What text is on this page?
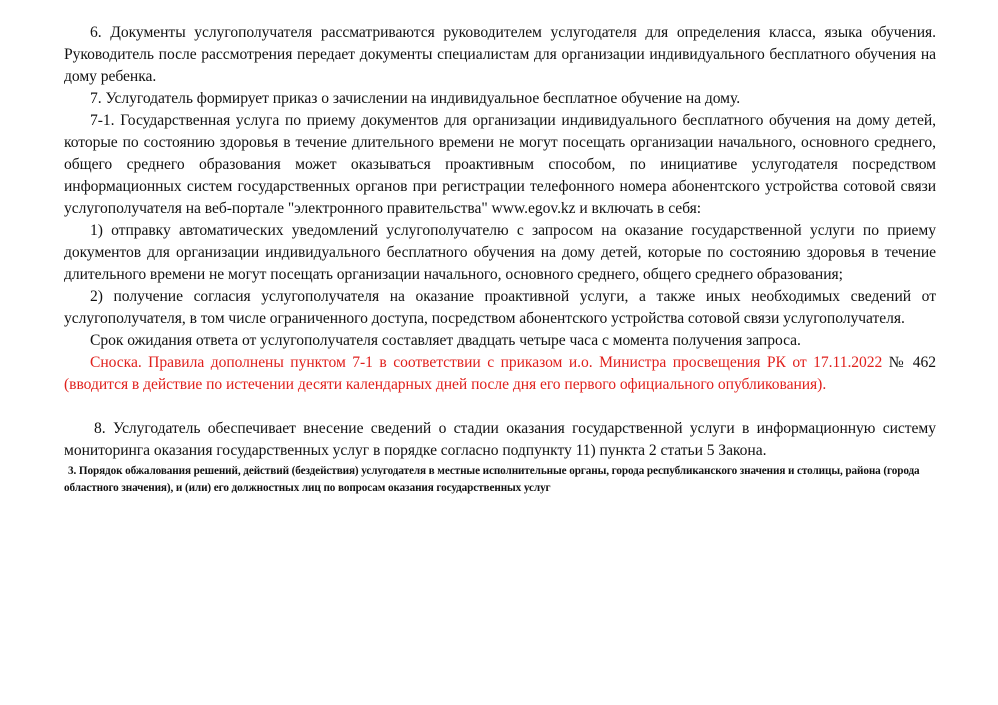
6. Документы услугополучателя рассматриваются руководителем услугодателя для определения класса, языка обучения. Руководитель после рассмотрения передает документы специалистам для организации индивидуального бесплатного обучения на дому ребенка.

7. Услугодатель формирует приказ о зачислении на индивидуальное бесплатное обучение на дому.

7-1. Государственная услуга по приему документов для организации индивидуального бесплатного обучения на дому детей, которые по состоянию здоровья в течение длительного времени не могут посещать организации начального, основного среднего, общего среднего образования может оказываться проактивным способом, по инициативе услугодателя посредством информационных систем государственных органов при регистрации телефонного номера абонентского устройства сотовой связи услугополучателя на веб-портале "электронного правительства" www.egov.kz и включать в себя:

1) отправку автоматических уведомлений услугополучателю с запросом на оказание государственной услуги по приему документов для организации индивидуального бесплатного обучения на дому детей, которые по состоянию здоровья в течение длительного времени не могут посещать организации начального, основного среднего, общего среднего образования;

2) получение согласия услугополучателя на оказание проактивной услуги, а также иных необходимых сведений от услугополучателя, в том числе ограниченного доступа, посредством абонентского устройства сотовой связи услугополучателя.

Срок ожидания ответа от услугополучателя составляет двадцать четыре часа с момента получения запроса.

Сноска. Правила дополнены пунктом 7-1 в соответствии с приказом и.о. Министра просвещения РК от 17.11.2022 № 462 (вводится в действие по истечении десяти календарных дней после дня его первого официального опубликования).

8. Услугодатель обеспечивает внесение сведений о стадии оказания государственной услуги в информационную систему мониторинга оказания государственных услуг в порядке согласно подпункту 11) пункта 2 статьи 5 Закона.

3. Порядок обжалования решений, действий (бездействия) услугодателя в местные исполнительные органы, города республиканского значения и столицы, района (города областного значения), и (или) его должностных лиц по вопросам оказания государственных услуг
